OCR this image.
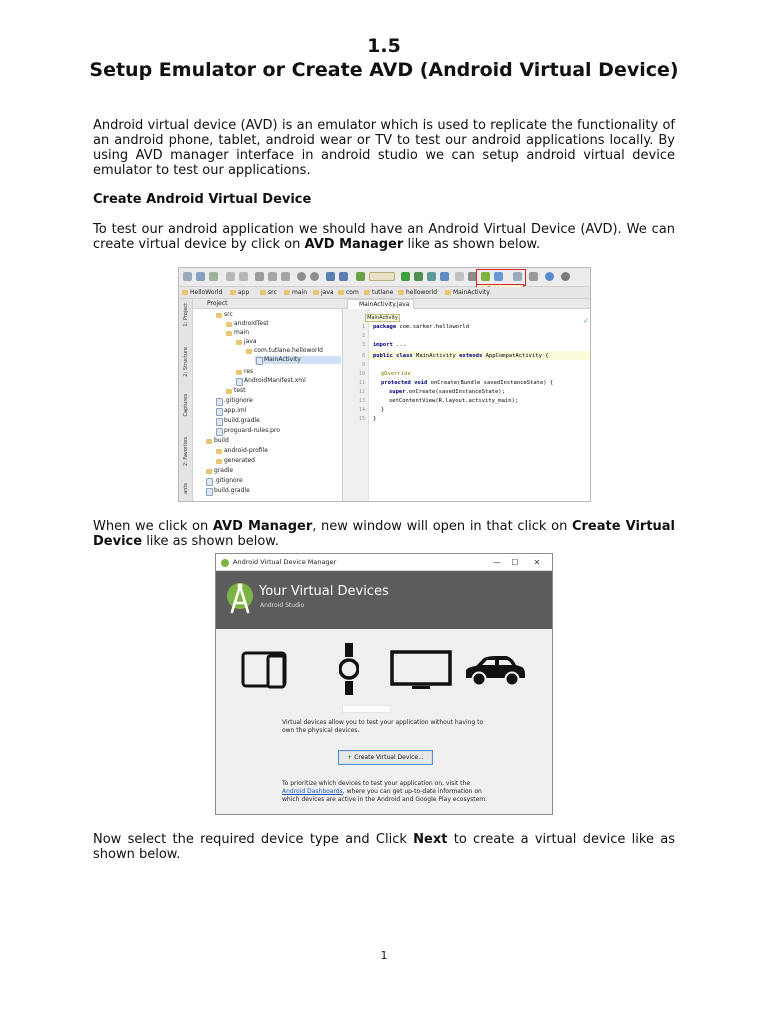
1.5
Setup Emulator or Create AVD (Android Virtual Device)

Android virtual device (AVD) is an emulator which is used to replicate the functionality of an android phone, tablet, android wear or TV to test our android applications locally. By using AVD manager interface in android studio we can setup android virtual device emulator to test our applications.

Create Android Virtual Device

To test our android application we should have an Android Virtual Device (AVD). We can create virtual device by click on AVD Manager like as shown below.

HelloWorld	app	src	main	java	com	tutlane	helloworld	MainActivity
1: Project
2: Structure
Captures
2: Favorites
ants
Project
src
androidTest
main
java
com.tutlane.helloworld
MainActivity
res
AndroidManifest.xml
test
.gitignore
app.iml
build.gradle
proguard-rules.pro
build
android-profile
generated
gradle
.gitignore
build.gradle
MainActivity.java
1
2
3
8
9
10
11
12
13
14
15
MainActivity	✓
package com.sarker.helloworld
import ...
public class MainActivity extends AppCompatActivity {
@Override
protected void onCreate(Bundle savedInstanceState) {
super.onCreate(savedInstanceState);
setContentView(R.layout.activity_main);
}
}

When we click on AVD Manager, new window will open in that click on Create Virtual Device like as shown below.

Android Virtual Device Manager	—	☐	✕
Your Virtual Devices
Android Studio
Virtual devices allow you to test your application without having to
own the physical devices.
+ Create Virtual Device...
To prioritize which devices to test your application on, visit the
Android Dashboards, where you can get up-to-date information on
which devices are active in the Android and Google Play ecosystem.

Now select the required device type and Click Next to create a virtual device like as shown below.

1
